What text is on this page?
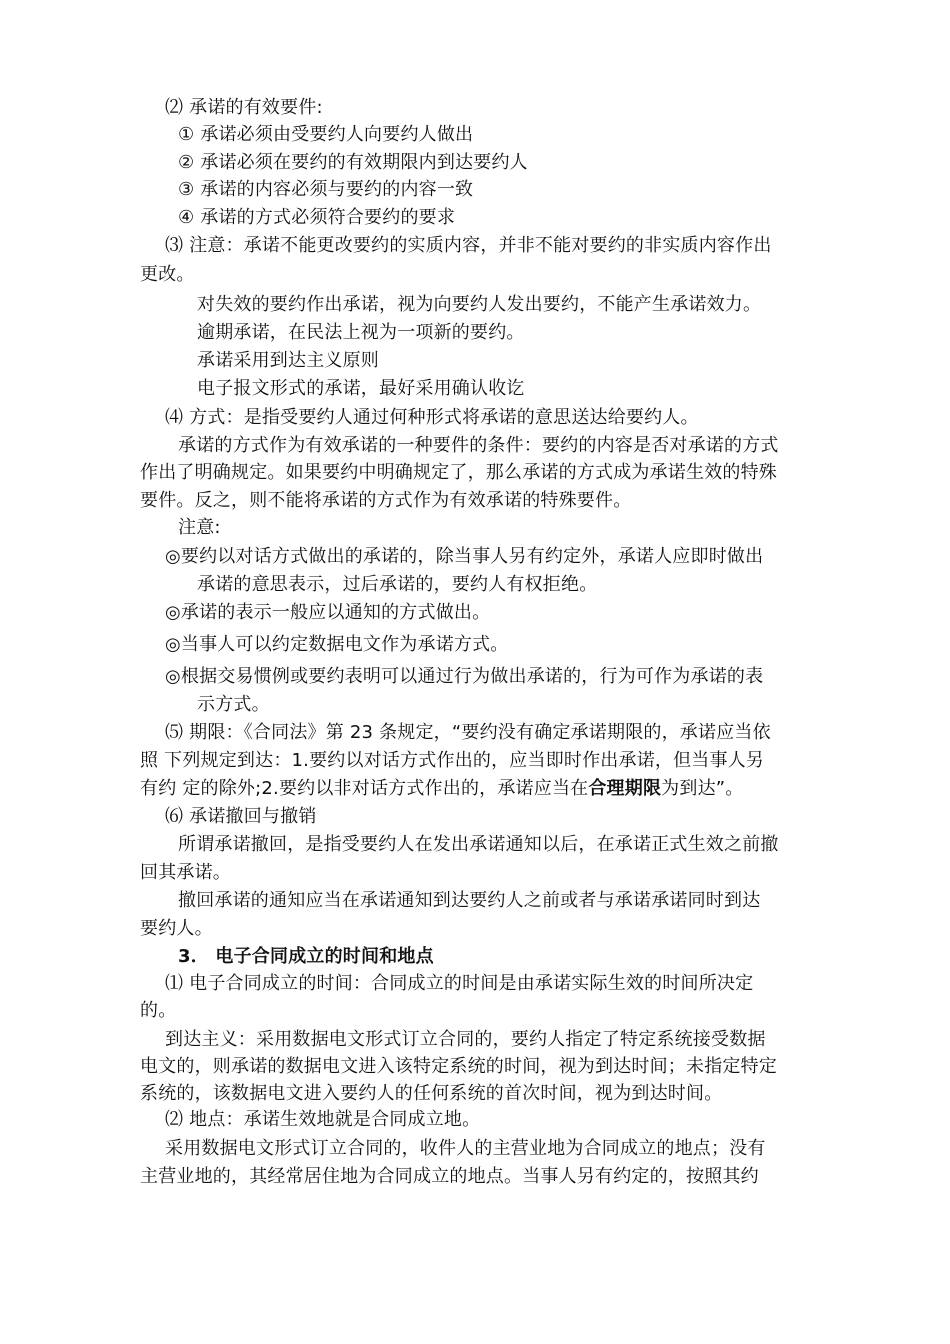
⑵ 承诺的有效要件:
① 承诺必须由受要约人向要约人做出
② 承诺必须在要约的有效期限内到达要约人
③ 承诺的内容必须与要约的内容一致
④ 承诺的方式必须符合要约的要求
⑶ 注意：承诺不能更改要约的实质内容，并非不能对要约的非实质内容作出
更改。
对失效的要约作出承诺，视为向要约人发出要约，不能产生承诺效力。
逾期承诺，在民法上视为一项新的要约。
承诺采用到达主义原则
电子报文形式的承诺，最好采用确认收讫
⑷ 方式：是指受要约人通过何种形式将承诺的意思送达给要约人。
承诺的方式作为有效承诺的一种要件的条件：要约的内容是否对承诺的方式
作出了明确规定。如果要约中明确规定了，那么承诺的方式成为承诺生效的特殊
要件。反之，则不能将承诺的方式作为有效承诺的特殊要件。
注意:
◎要约以对话方式做出的承诺的，除当事人另有约定外，承诺人应即时做出
承诺的意思表示，过后承诺的，要约人有权拒绝。
◎承诺的表示一般应以通知的方式做出。
◎当事人可以约定数据电文作为承诺方式。
◎根据交易惯例或要约表明可以通过行为做出承诺的，行为可作为承诺的表
示方式。
⑸ 期限：《合同法》第 23 条规定，“要约没有确定承诺期限的，承诺应当依
照 下列规定到达：1.要约以对话方式作出的，应当即时作出承诺，但当事人另
有约 定的除外;2.要约以非对话方式作出的，承诺应当在合理期限为到达”。
⑹ 承诺撤回与撤销
所谓承诺撤回，是指受要约人在发出承诺通知以后，在承诺正式生效之前撤
回其承诺。
撤回承诺的通知应当在承诺通知到达要约人之前或者与承诺承诺同时到达
要约人。
3． 电子合同成立的时间和地点
⑴ 电子合同成立的时间：合同成立的时间是由承诺实际生效的时间所决定
的。
到达主义：采用数据电文形式订立合同的，要约人指定了特定系统接受数据
电文的，则承诺的数据电文进入该特定系统的时间，视为到达时间；未指定特定
系统的，该数据电文进入要约人的任何系统的首次时间，视为到达时间。
⑵ 地点：承诺生效地就是合同成立地。
采用数据电文形式订立合同的，收件人的主营业地为合同成立的地点；没有
主营业地的，其经常居住地为合同成立的地点。当事人另有约定的，按照其约
